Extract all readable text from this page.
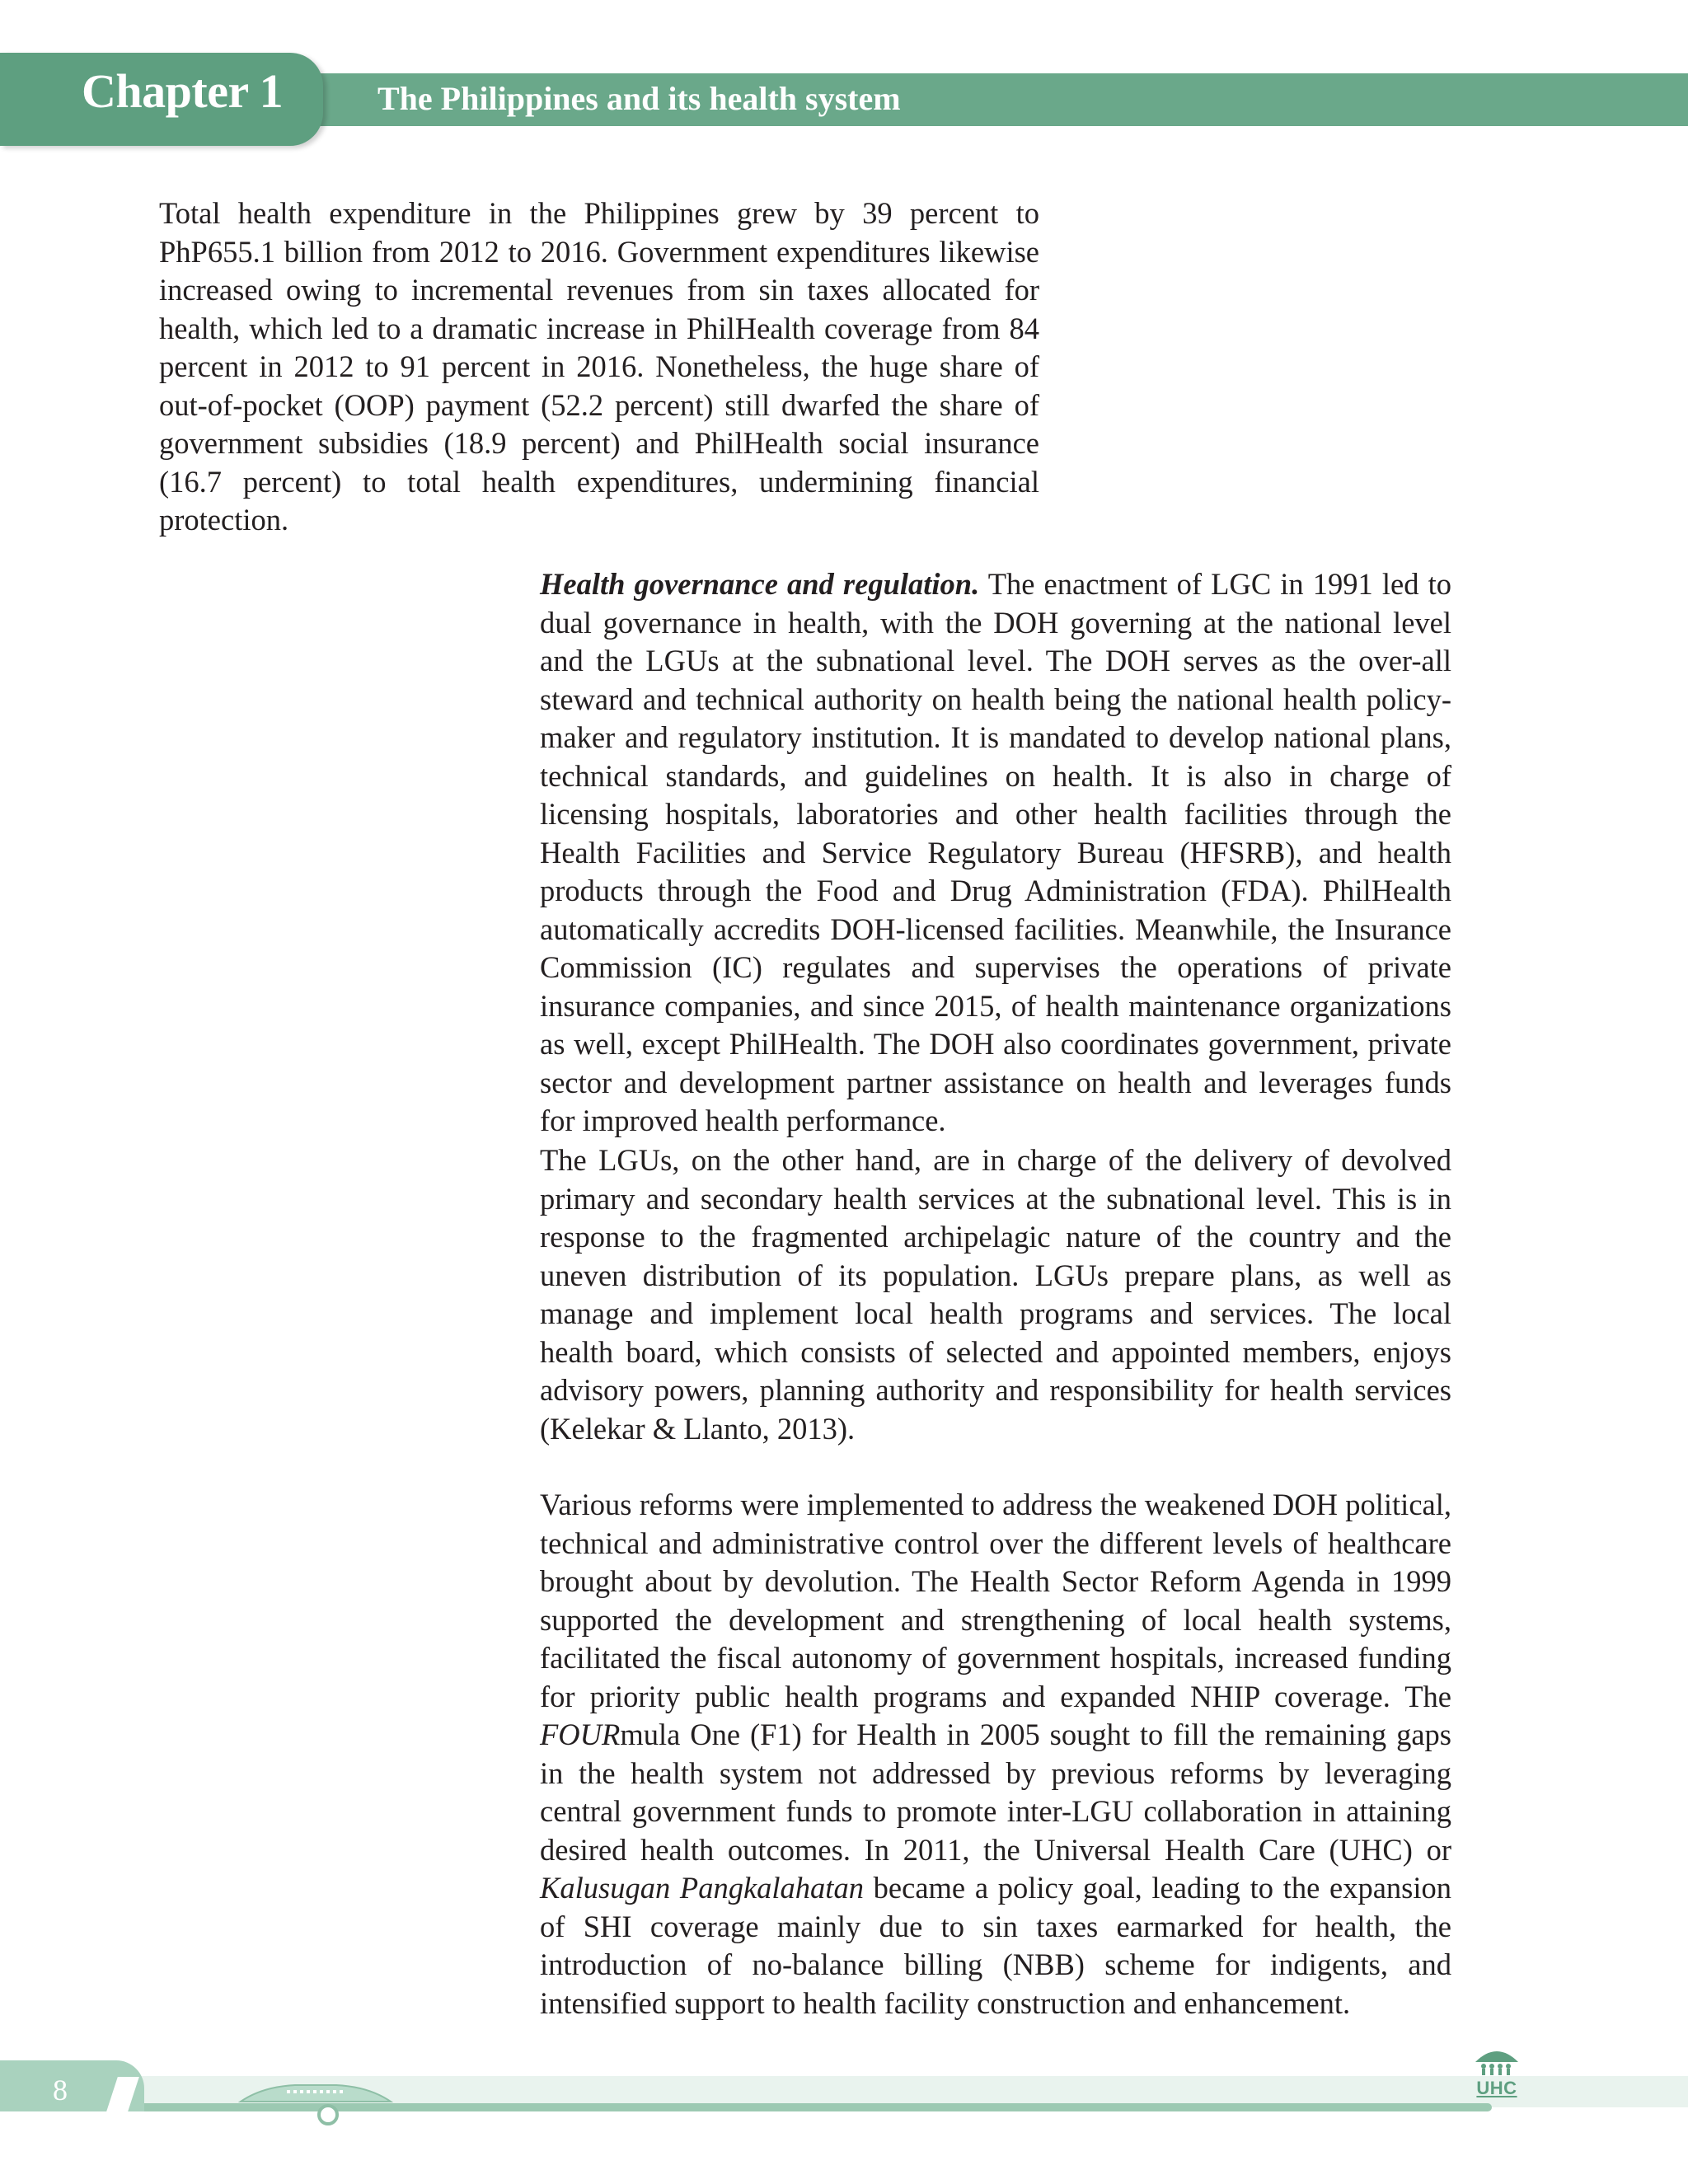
Chapter 1	The Philippines and its health system

Total health expenditure in the Philippines grew by 39 percent to PhP655.1 billion from 2012 to 2016. Government expenditures likewise increased owing to incremental revenues from sin taxes allocated for health, which led to a dramatic increase in PhilHealth coverage from 84 percent in 2012 to 91 percent in 2016. Nonetheless, the huge share of out-of-pocket (OOP) payment (52.2 percent) still dwarfed the share of government subsidies (18.9 percent) and PhilHealth social insurance (16.7 percent) to total health expenditures, undermining financial protection.

Health governance and regulation. The enactment of LGC in 1991 led to dual governance in health, with the DOH governing at the national level and the LGUs at the subnational level. The DOH serves as the over-all steward and technical authority on health being the national health policy-maker and regulatory institution. It is mandated to develop national plans, technical standards, and guidelines on health. It is also in charge of licensing hospitals, laboratories and other health facilities through the Health Facilities and Service Regulatory Bureau (HFSRB), and health products through the Food and Drug Administration (FDA). PhilHealth automatically accredits DOH-licensed facilities. Meanwhile, the Insurance Commission (IC) regulates and supervises the operations of private insurance companies, and since 2015, of health maintenance organizations as well, except PhilHealth. The DOH also coordinates government, private sector and development partner assistance on health and leverages funds for improved health performance.

The LGUs, on the other hand, are in charge of the delivery of devolved primary and secondary health services at the subnational level. This is in response to the fragmented archipelagic nature of the country and the uneven distribution of its population. LGUs prepare plans, as well as manage and implement local health programs and services. The local health board, which consists of selected and appointed members, enjoys advisory powers, planning authority and responsibility for health services (Kelekar & Llanto, 2013).

Various reforms were implemented to address the weakened DOH political, technical and administrative control over the different levels of healthcare brought about by devolution. The Health Sector Reform Agenda in 1999 supported the development and strengthening of local health systems, facilitated the fiscal autonomy of government hospitals, increased funding for priority public health programs and expanded NHIP coverage. The FOURmula One (F1) for Health in 2005 sought to fill the remaining gaps in the health system not addressed by previous reforms by leveraging central government funds to promote inter-LGU collaboration in attaining desired health outcomes. In 2011, the Universal Health Care (UHC) or Kalusugan Pangkalahatan became a policy goal, leading to the expansion of SHI coverage mainly due to sin taxes earmarked for health, the introduction of no-balance billing (NBB) scheme for indigents, and intensified support to health facility construction and enhancement.

8	UHC
